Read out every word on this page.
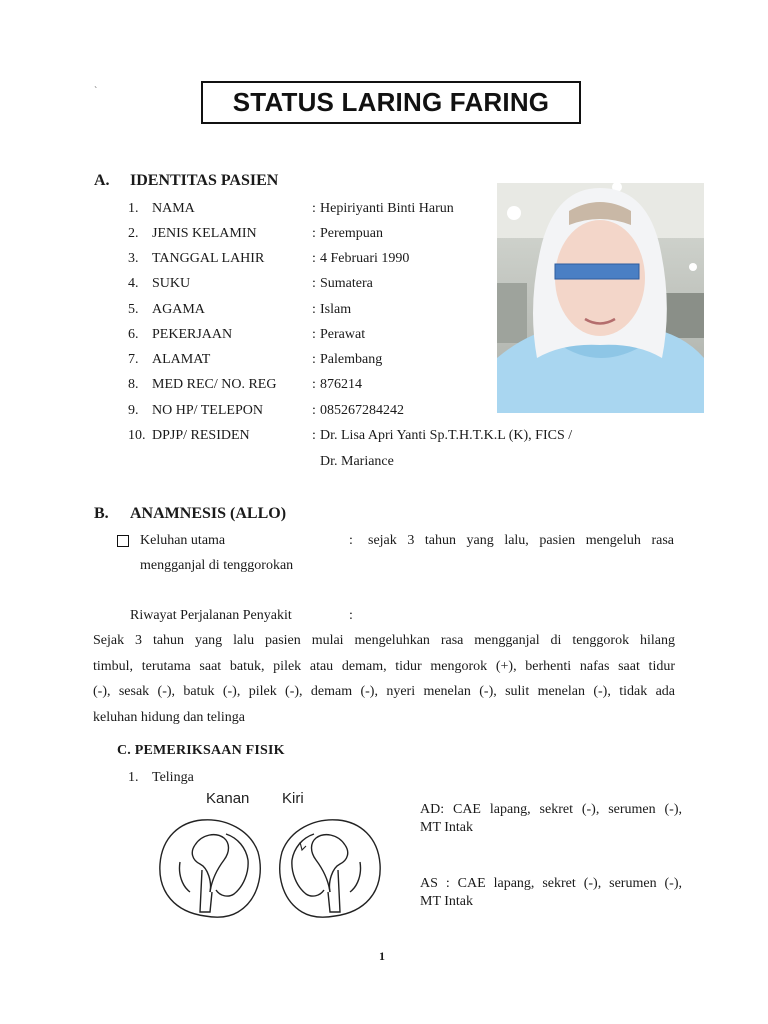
`	STATUS LARING FARING
A. IDENTITAS PASIEN
1. NAMA	: Hepiriyanti Binti Harun
2. JENIS KELAMIN	: Perempuan
3. TANGGAL LAHIR	: 4 Februari 1990
4. SUKU	: Sumatera
5. AGAMA	: Islam
6. PEKERJAAN	: Perawat
7. ALAMAT	: Palembang
8. MED REC/ NO. REG	: 876214
9. NO HP/ TELEPON	: 085267284242
10. DPJP/ RESIDEN	: Dr. Lisa Apri Yanti Sp.T.H.T.K.L (K), FICS /
Dr. Mariance
B. ANAMNESIS (ALLO)
Keluhan utama	: sejak 3 tahun yang lalu, pasien mengeluh rasa
mengganjal di tenggorokan
Riwayat Perjalanan Penyakit	:
Sejak 3 tahun yang lalu pasien mulai mengeluhkan rasa mengganjal di tenggorok hilang
timbul, terutama saat batuk, pilek atau demam, tidur mengorok (+), berhenti nafas saat tidur
(-), sesak (-), batuk (-), pilek (-), demam (-), nyeri menelan (-), sulit menelan (-), tidak ada
keluhan hidung dan telinga
C. PEMERIKSAAN FISIK
1. Telinga
Kanan Kiri
AD: CAE lapang, sekret (-), serumen (-),
MT Intak
AS : CAE lapang, sekret (-), serumen (-),
MT Intak
1
